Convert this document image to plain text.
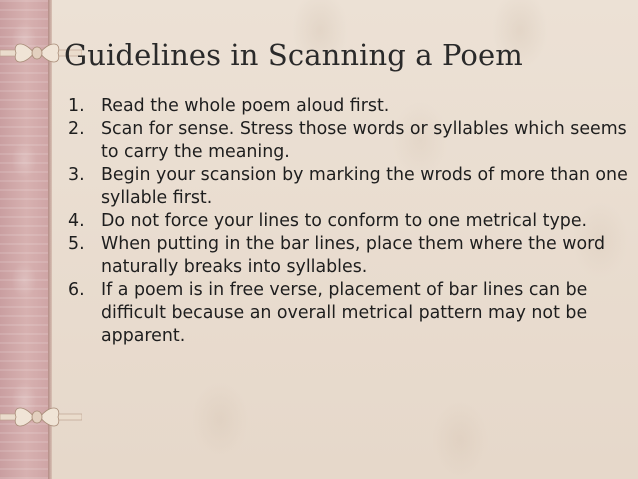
Guidelines in Scanning a Poem
1. Read the whole poem aloud first.
2. Scan for sense. Stress those words or syllables which seems to carry the meaning.
3. Begin your scansion by marking the wrods of more than one syllable first.
4. Do not force your lines to conform to one metrical type.
5. When putting in the bar lines, place them where the word naturally breaks into syllables.
6. If a poem is in free verse, placement of bar lines can be difficult because an overall metrical pattern may not be apparent.
